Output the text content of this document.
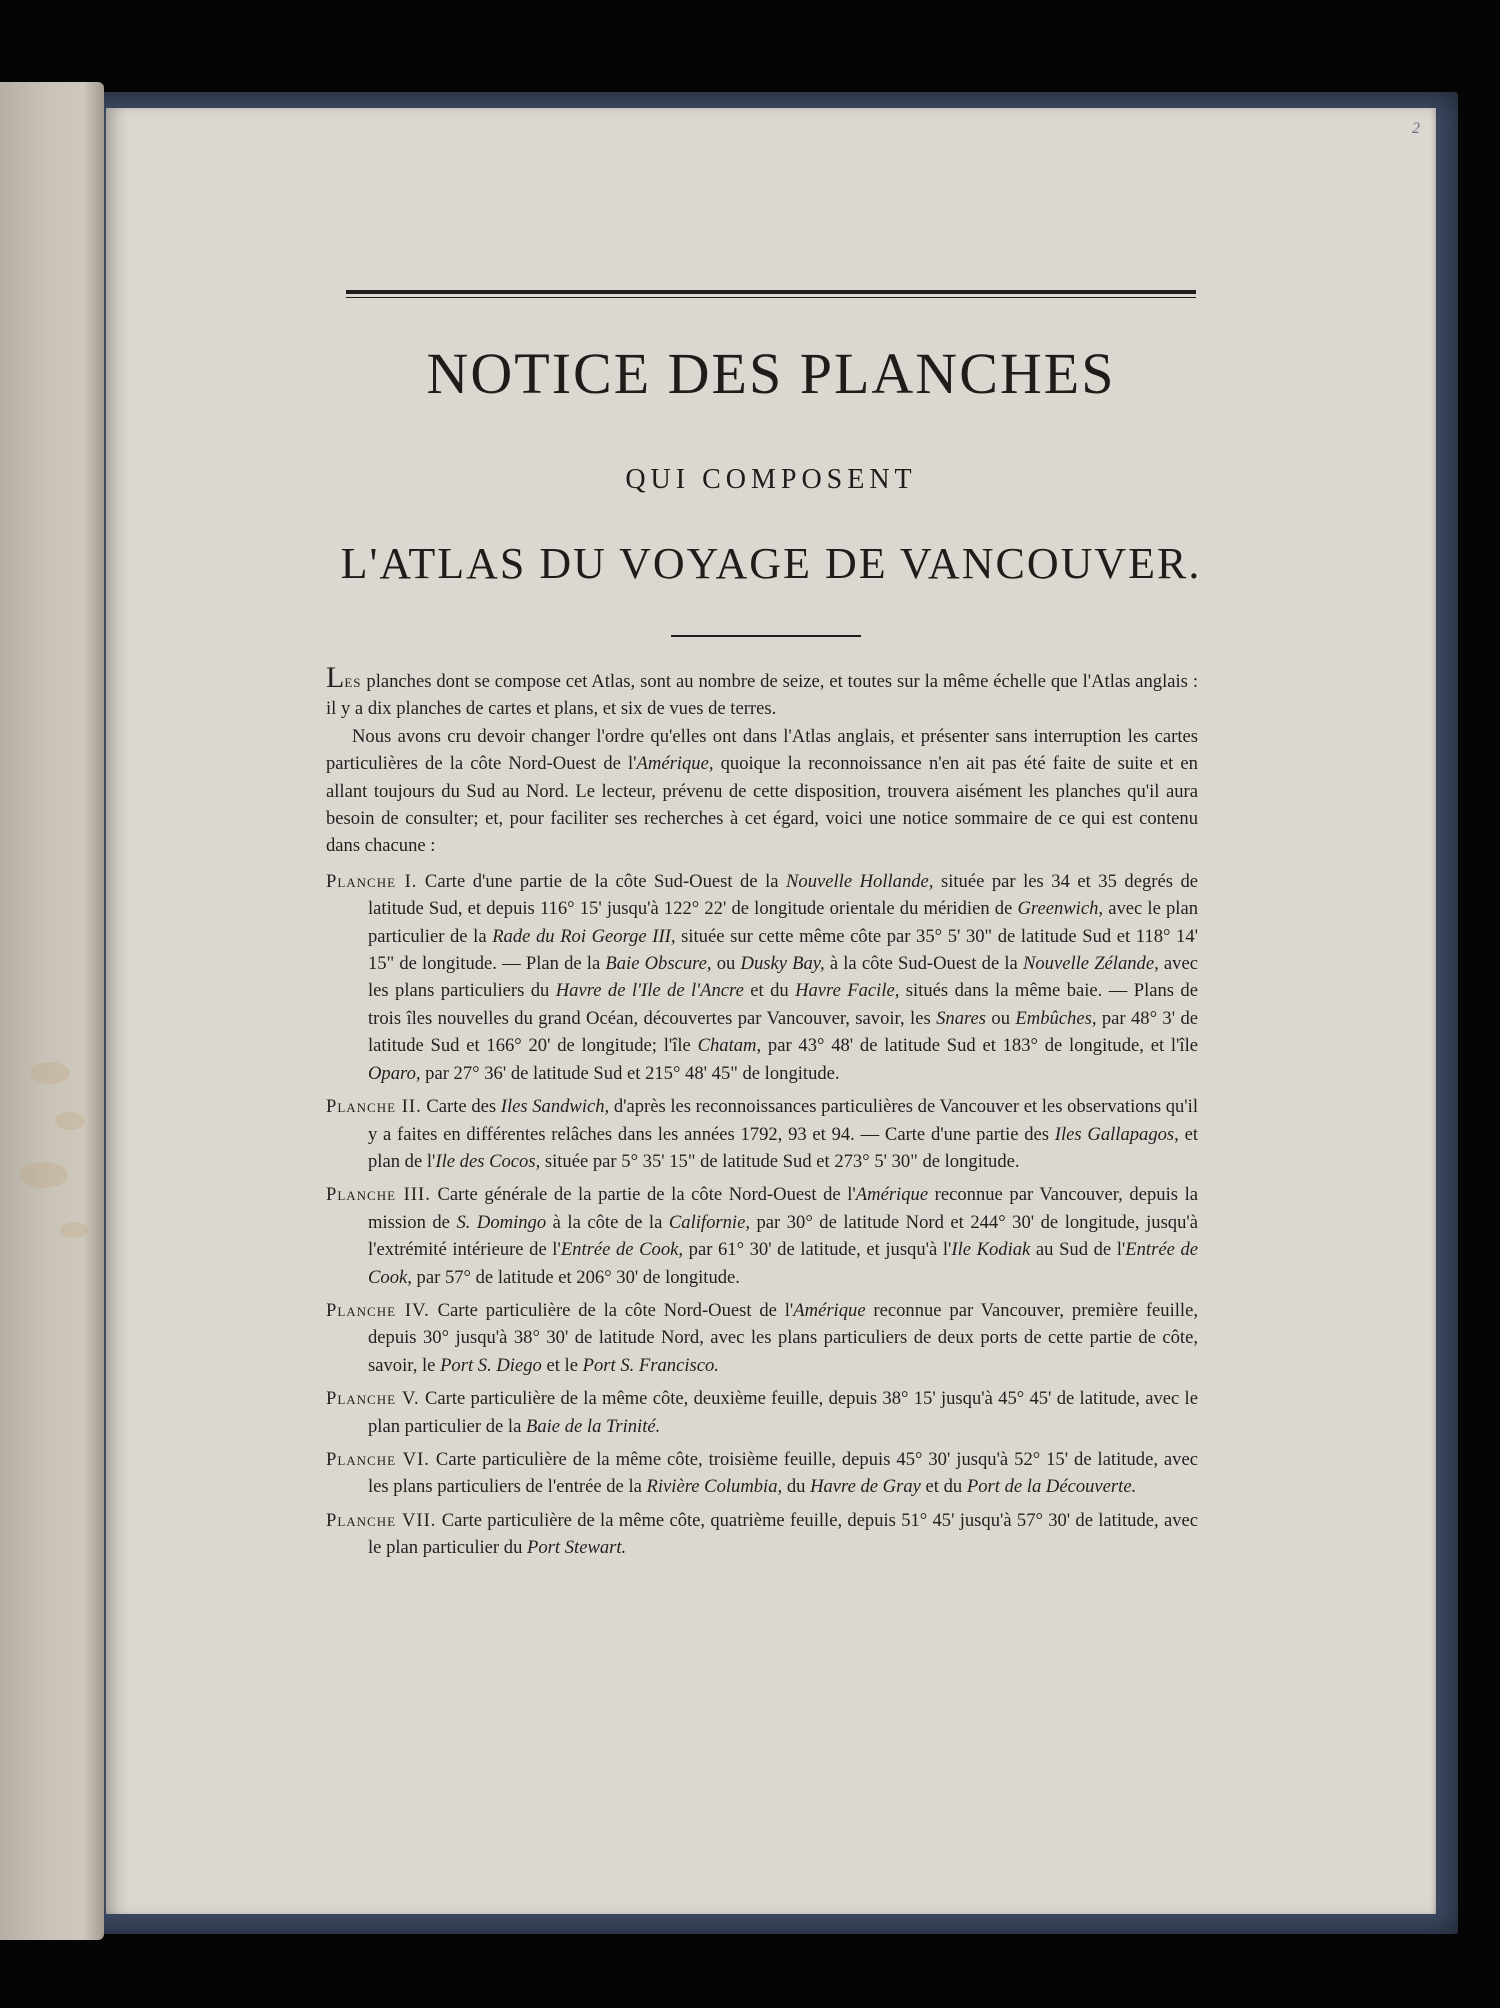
2
NOTICE DES PLANCHES
QUI COMPOSENT
L'ATLAS DU VOYAGE DE VANCOUVER.

Les planches dont se compose cet Atlas, sont au nombre de seize, et toutes sur la même échelle que l'Atlas anglais : il y a dix planches de cartes et plans, et six de vues de terres.

Nous avons cru devoir changer l'ordre qu'elles ont dans l'Atlas anglais, et présenter sans interruption les cartes particulières de la côte Nord-Ouest de l'Amérique, quoique la reconnoissance n'en ait pas été faite de suite et en allant toujours du Sud au Nord. Le lecteur, prévenu de cette disposition, trouvera aisément les planches qu'il aura besoin de consulter; et, pour faciliter ses recherches à cet égard, voici une notice sommaire de ce qui est contenu dans chacune :

Planche I. Carte d'une partie de la côte Sud-Ouest de la Nouvelle Hollande, située par les 34 et 35 degrés de latitude Sud, et depuis 116° 15' jusqu'à 122° 22' de longitude orientale du méridien de Greenwich, avec le plan particulier de la Rade du Roi George III, située sur cette même côte par 35° 5' 30" de latitude Sud et 118° 14' 15" de longitude. — Plan de la Baie Obscure, ou Dusky Bay, à la côte Sud-Ouest de la Nouvelle Zélande, avec les plans particuliers du Havre de l'Ile de l'Ancre et du Havre Facile, situés dans la même baie. — Plans de trois îles nouvelles du grand Océan, découvertes par Vancouver, savoir, les Snares ou Embûches, par 48° 3' de latitude Sud et 166° 20' de longitude; l'île Chatam, par 43° 48' de latitude Sud et 183° de longitude, et l'île Oparo, par 27° 36' de latitude Sud et 215° 48' 45" de longitude.

Planche II. Carte des Iles Sandwich, d'après les reconnoissances particulières de Vancouver et les observations qu'il y a faites en différentes relâches dans les années 1792, 93 et 94. — Carte d'une partie des Iles Gallapagos, et plan de l'Ile des Cocos, située par 5° 35' 15" de latitude Sud et 273° 5' 30" de longitude.

Planche III. Carte générale de la partie de la côte Nord-Ouest de l'Amérique reconnue par Vancouver, depuis la mission de S. Domingo à la côte de la Californie, par 30° de latitude Nord et 244° 30' de longitude, jusqu'à l'extrémité intérieure de l'Entrée de Cook, par 61° 30' de latitude, et jusqu'à l'Ile Kodiak au Sud de l'Entrée de Cook, par 57° de latitude et 206° 30' de longitude.

Planche IV. Carte particulière de la côte Nord-Ouest de l'Amérique reconnue par Vancouver, première feuille, depuis 30° jusqu'à 38° 30' de latitude Nord, avec les plans particuliers de deux ports de cette partie de côte, savoir, le Port S. Diego et le Port S. Francisco.

Planche V. Carte particulière de la même côte, deuxième feuille, depuis 38° 15' jusqu'à 45° 45' de latitude, avec le plan particulier de la Baie de la Trinité.

Planche VI. Carte particulière de la même côte, troisième feuille, depuis 45° 30' jusqu'à 52° 15' de latitude, avec les plans particuliers de l'entrée de la Rivière Columbia, du Havre de Gray et du Port de la Découverte.

Planche VII. Carte particulière de la même côte, quatrième feuille, depuis 51° 45' jusqu'à 57° 30' de latitude, avec le plan particulier du Port Stewart.
